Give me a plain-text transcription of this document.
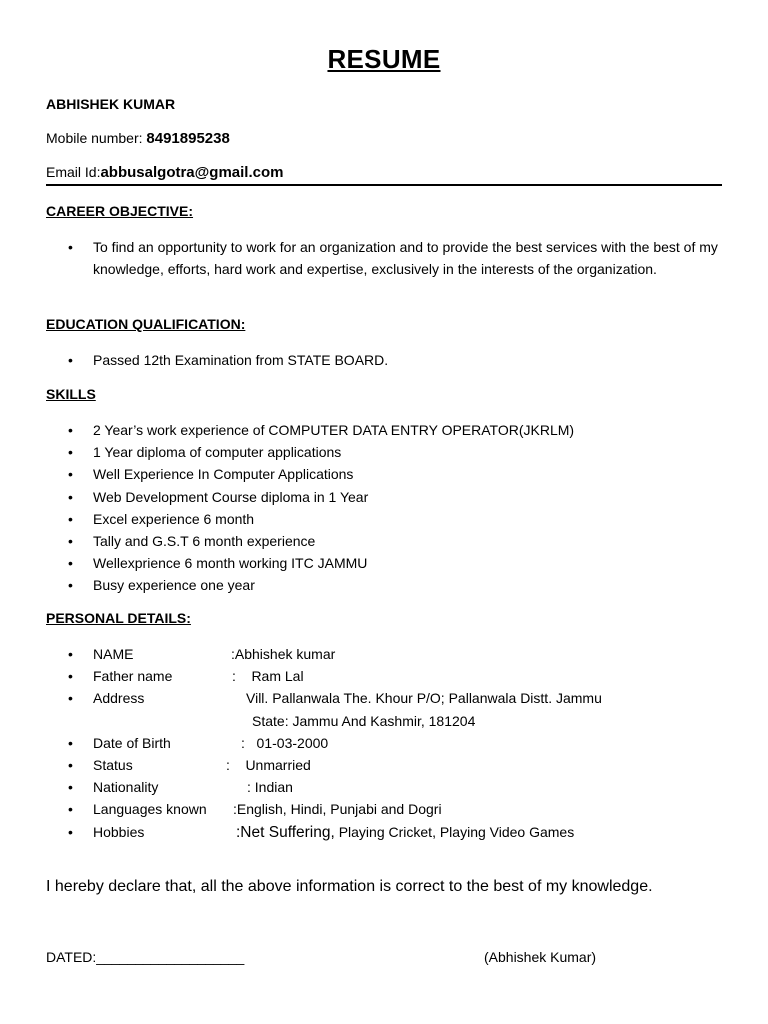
RESUME
ABHISHEK KUMAR
Mobile number: 8491895238
Email Id:abbusalgotra@gmail.com
CAREER OBJECTIVE:
• To find an opportunity to work for an organization and to provide the best services with the best of my knowledge, efforts, hard work and expertise, exclusively in the interests of the organization.
EDUCATION QUALIFICATION:
• Passed 12th Examination from STATE BOARD.
SKILLS
• 2 Year’s work experience of COMPUTER DATA ENTRY OPERATOR(JKRLM)
• 1 Year diploma of computer applications
• Well Experience In Computer Applications
• Web Development Course diploma in 1 Year
• Excel experience 6 month
• Tally and G.S.T 6 month experience
• Wellexprience 6 month working ITC JAMMU
• Busy experience one year
PERSONAL DETAILS:
• NAME	:Abhishek kumar
• Father name	:    Ram Lal
• Address	Vill. Pallanwala The. Khour P/O; Pallanwala Distt. Jammu
State: Jammu And Kashmir, 181204
• Date of Birth	:   01-03-2000
• Status	:    Unmarried
• Nationality	: Indian
• Languages known :English, Hindi, Punjabi and Dogri
• Hobbies	:Net Suffering, Playing Cricket, Playing Video Games
I hereby declare that, all the above information is correct to the best of my knowledge.
DATED:___________________	(Abhishek Kumar)
